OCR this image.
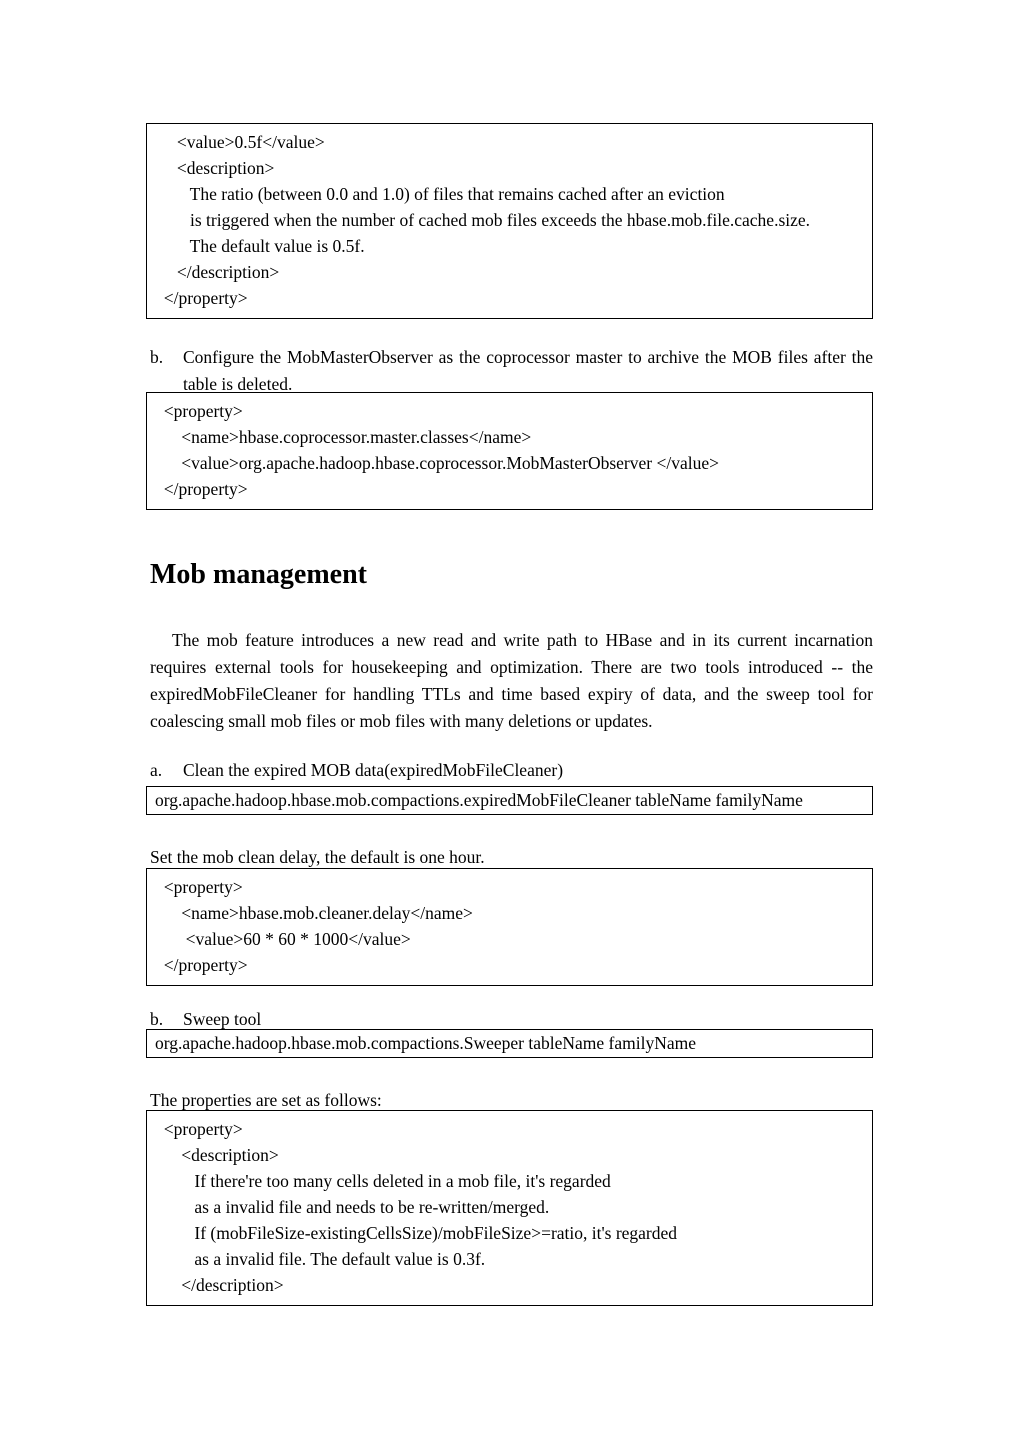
<value>0.5f</value>
<description>
The ratio (between 0.0 and 1.0) of files that remains cached after an eviction
is triggered when the number of cached mob files exceeds the hbase.mob.file.cache.size.
The default value is 0.5f.
</description>
</property>
b.	Configure the MobMasterObserver as the coprocessor master to archive the MOB files after the table is deleted.
<property>
<name>hbase.coprocessor.master.classes</name>
<value>org.apache.hadoop.hbase.coprocessor.MobMasterObserver </value>
</property>
Mob management
The mob feature introduces a new read and write path to HBase and in its current incarnation requires external tools for housekeeping and optimization. There are two tools introduced -- the expiredMobFileCleaner for handling TTLs and time based expiry of data, and the sweep tool for coalescing small mob files or mob files with many deletions or updates.
a.	Clean the expired MOB data(expiredMobFileCleaner)
org.apache.hadoop.hbase.mob.compactions.expiredMobFileCleaner tableName familyName
Set the mob clean delay, the default is one hour.
<property>
<name>hbase.mob.cleaner.delay</name>
<value>60 * 60 * 1000</value>
</property>
b.	Sweep tool
org.apache.hadoop.hbase.mob.compactions.Sweeper tableName familyName
The properties are set as follows:
<property>
<description>
If there're too many cells deleted in a mob file, it's regarded
as a invalid file and needs to be re-written/merged.
If (mobFileSize-existingCellsSize)/mobFileSize>=ratio, it's regarded
as a invalid file. The default value is 0.3f.
</description>
